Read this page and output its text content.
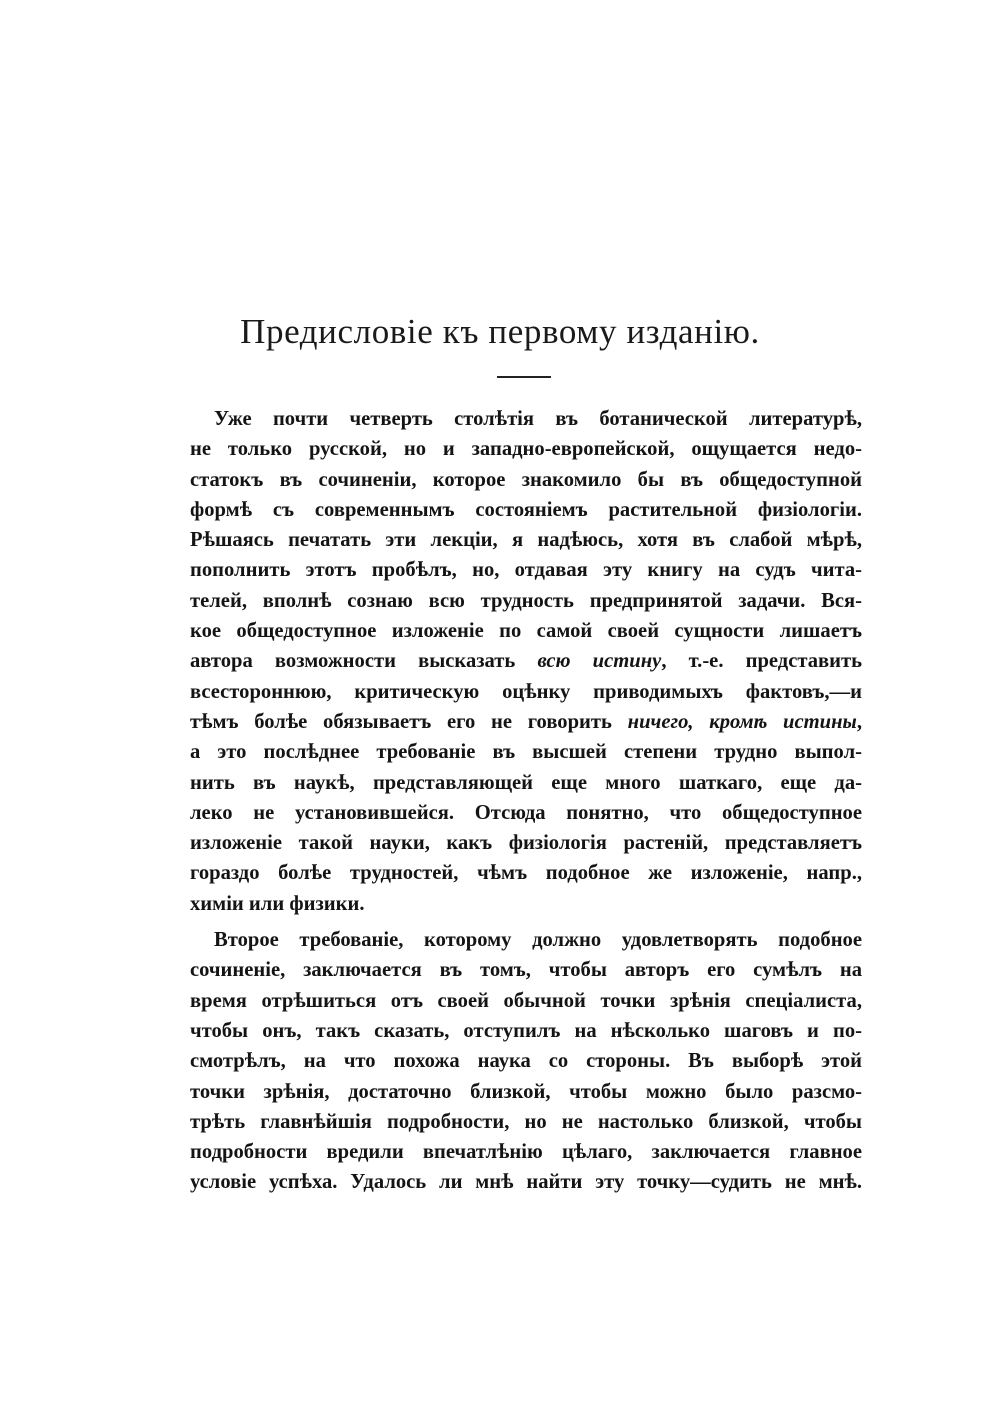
Предисловіе къ первому изданію.
Уже почти четверть столѣтія въ ботанической литературѣ,
не только русской, но и западно-европейской, ощущается недо-
статокъ въ сочиненіи, которое знакомило бы въ общедоступной
формѣ съ современнымъ состояніемъ растительной физіологіи.
Рѣшаясь печатать эти лекціи, я надѣюсь, хотя въ слабой мѣрѣ,
пополнить этотъ пробѣлъ, но, отдавая эту книгу на судъ чита-
телей, вполнѣ сознаю всю трудность предпринятой задачи. Вся-
кое общедоступное изложеніе по самой своей сущности лишаетъ
автора возможности высказать всю истину, т.-е. представить
всестороннюю, критическую оцѣнку приводимыхъ фактовъ,—и
тѣмъ болѣе обязываетъ его не говорить ничего, кромѣ истины,
а это послѣднее требованіе въ высшей степени трудно выпол-
нить въ наукѣ, представляющей еще много шаткаго, еще да-
леко не установившейся. Отсюда понятно, что общедоступное
изложеніе такой науки, какъ физіологія растеній, представляетъ
гораздо болѣе трудностей, чѣмъ подобное же изложеніе, напр.,
химіи или физики.
Второе требованіе, которому должно удовлетворять подобное
сочиненіе, заключается въ томъ, чтобы авторъ его сумѣлъ на
время отрѣшиться отъ своей обычной точки зрѣнія спеціалиста,
чтобы онъ, такъ сказать, отступилъ на нѣсколько шаговъ и по-
смотрѣлъ, на что похожа наука со стороны. Въ выборѣ этой
точки зрѣнія, достаточно близкой, чтобы можно было разсмо-
трѣть главнѣйшія подробности, но не настолько близкой, чтобы
подробности вредили впечатлѣнію цѣлаго, заключается главное
условіе успѣха. Удалось ли мнѣ найти эту точку—судить не мнѣ.
